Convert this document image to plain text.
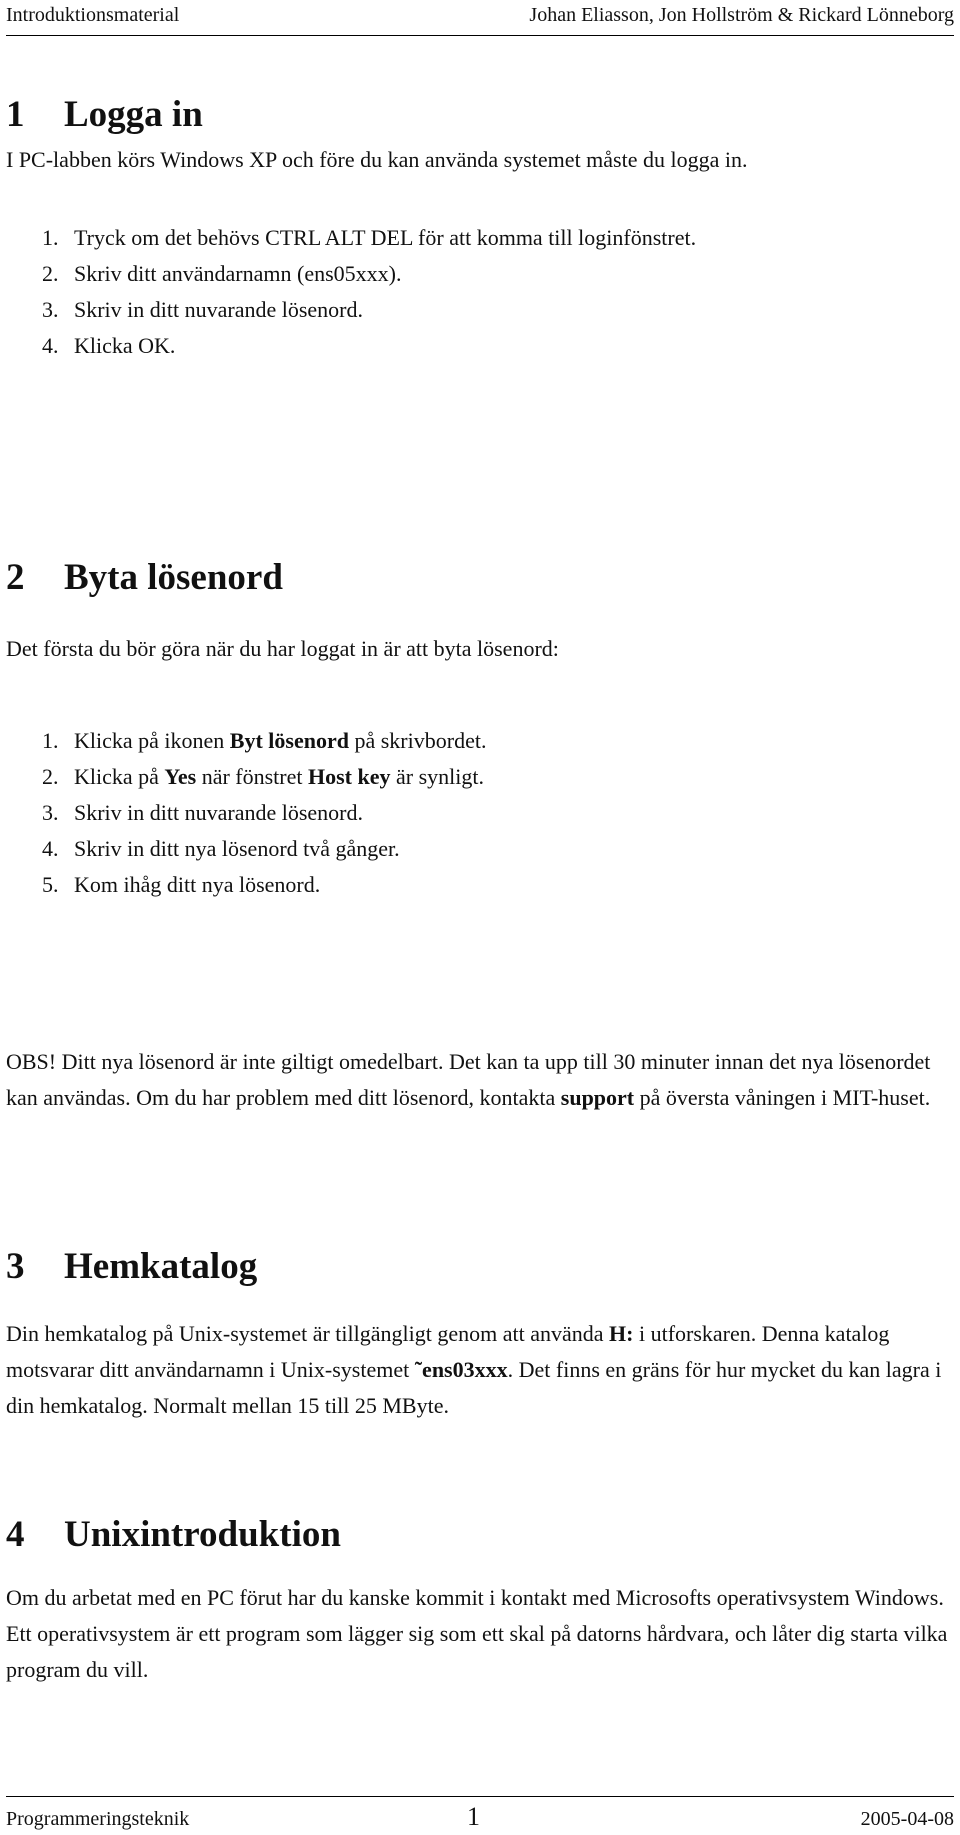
Introduktionsmaterial	Johan Eliasson, Jon Hollström & Rickard Lönneborg
1 Logga in

I PC-labben körs Windows XP och före du kan använda systemet måste du logga in.

1. Tryck om det behövs CTRL ALT DEL för att komma till loginfönstret.
2. Skriv ditt användarnamn (ens05xxx).
3. Skriv in ditt nuvarande lösenord.
4. Klicka OK.
2 Byta lösenord

Det första du bör göra när du har loggat in är att byta lösenord:

1. Klicka på ikonen Byt lösenord på skrivbordet.
2. Klicka på Yes när fönstret Host key är synligt.
3. Skriv in ditt nuvarande lösenord.
4. Skriv in ditt nya lösenord två gånger.
5. Kom ihåg ditt nya lösenord.

OBS! Ditt nya lösenord är inte giltigt omedelbart. Det kan ta upp till 30 minuter innan det nya lösenordet kan användas. Om du har problem med ditt lösenord, kontakta support på översta våningen i MIT-huset.

3 Hemkatalog

Din hemkatalog på Unix-systemet är tillgängligt genom att använda H: i utforskaren. Denna katalog motsvarar ditt användarnamn i Unix-systemet ˜ens03xxx. Det finns en gräns för hur mycket du kan lagra i din hemkatalog. Normalt mellan 15 till 25 MByte.

4 Unixintroduktion

Om du arbetat med en PC förut har du kanske kommit i kontakt med Microsofts operativsystem Windows. Ett operativsystem är ett program som lägger sig som ett skal på datorns hårdvara, och låter dig starta vilka program du vill.

Programmeringsteknik	1	2005-04-08
